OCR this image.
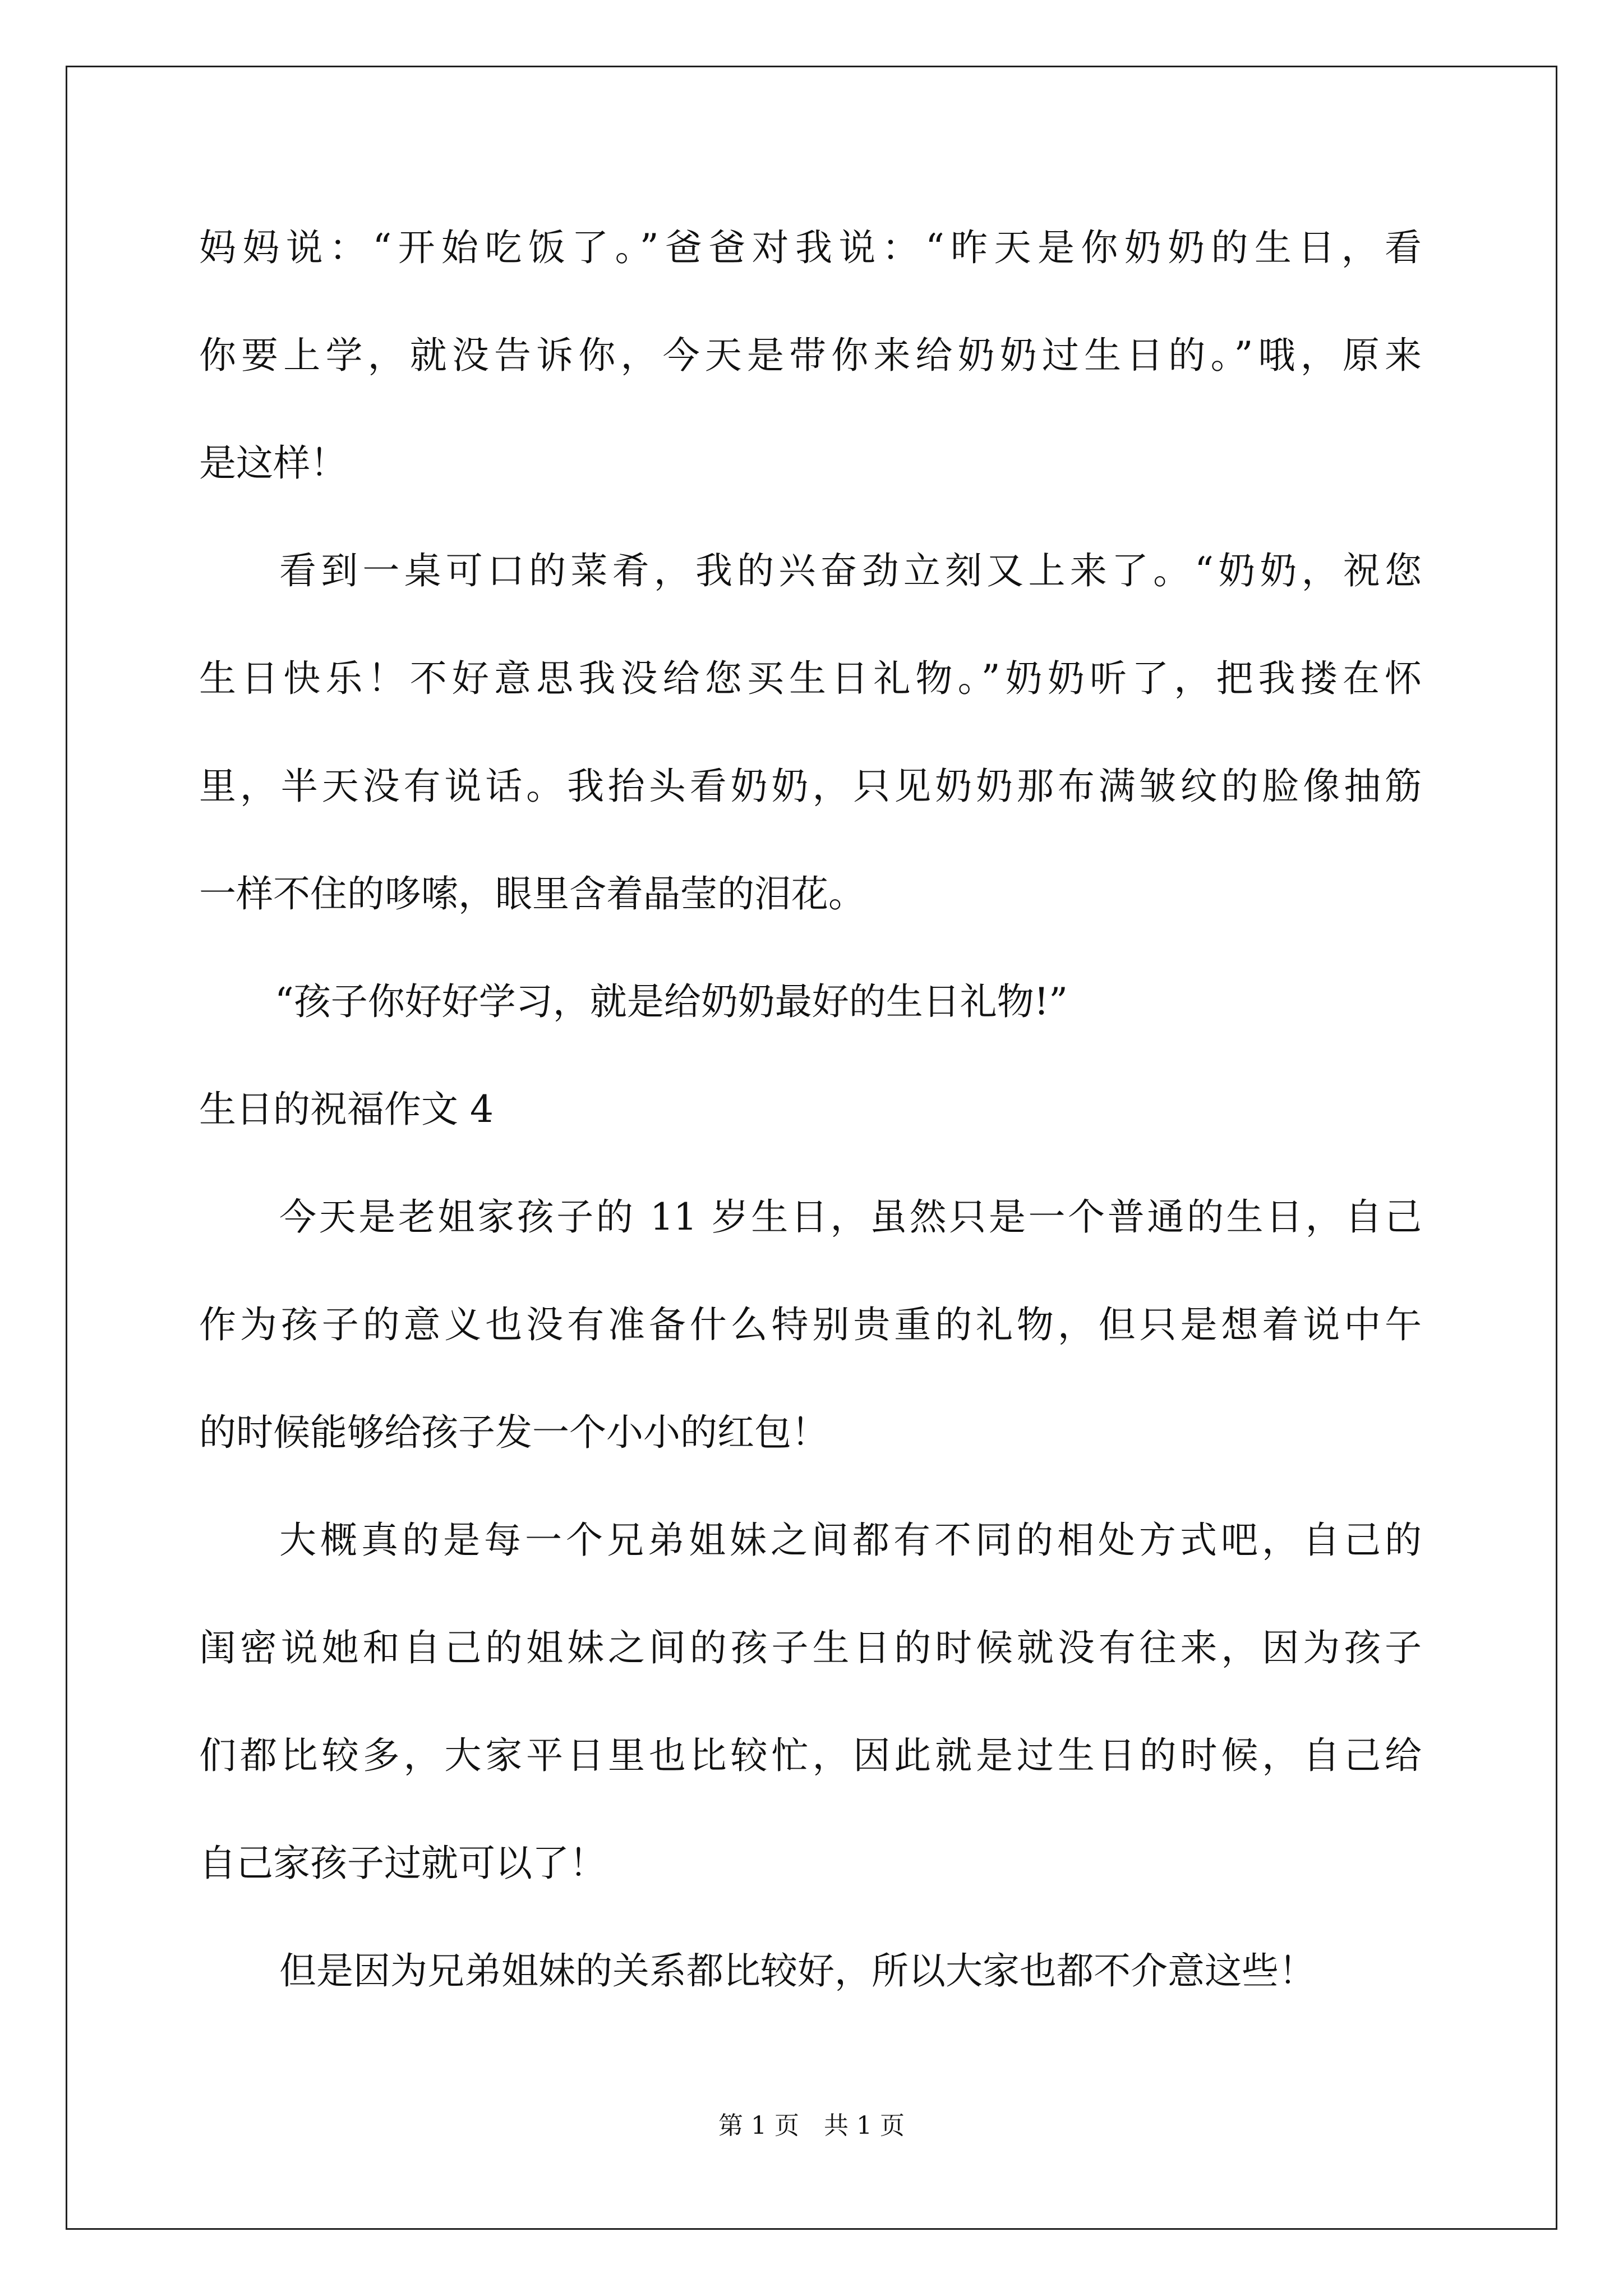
妈妈说：“开始吃饭了。”爸爸对我说：“昨天是你奶奶的生日，看
你要上学，就没告诉你，今天是带你来给奶奶过生日的。”哦，原来
是这样！
看到一桌可口的菜肴，我的兴奋劲立刻又上来了。“奶奶，祝您
生日快乐！不好意思我没给您买生日礼物。”奶奶听了，把我搂在怀
里，半天没有说话。我抬头看奶奶，只见奶奶那布满皱纹的脸像抽筋
一样不住的哆嗦，眼里含着晶莹的泪花。
“孩子你好好学习，就是给奶奶最好的生日礼物!”
生日的祝福作文 4
今天是老姐家孩子的 11 岁生日，虽然只是一个普通的生日，自己
作为孩子的意义也没有准备什么特别贵重的礼物，但只是想着说中午
的时候能够给孩子发一个小小的红包！
大概真的是每一个兄弟姐妹之间都有不同的相处方式吧，自己的
闺密说她和自己的姐妹之间的孩子生日的时候就没有往来，因为孩子
们都比较多，大家平日里也比较忙，因此就是过生日的时候，自己给
自己家孩子过就可以了！
但是因为兄弟姐妹的关系都比较好，所以大家也都不介意这些！
第 1 页　共 1 页
